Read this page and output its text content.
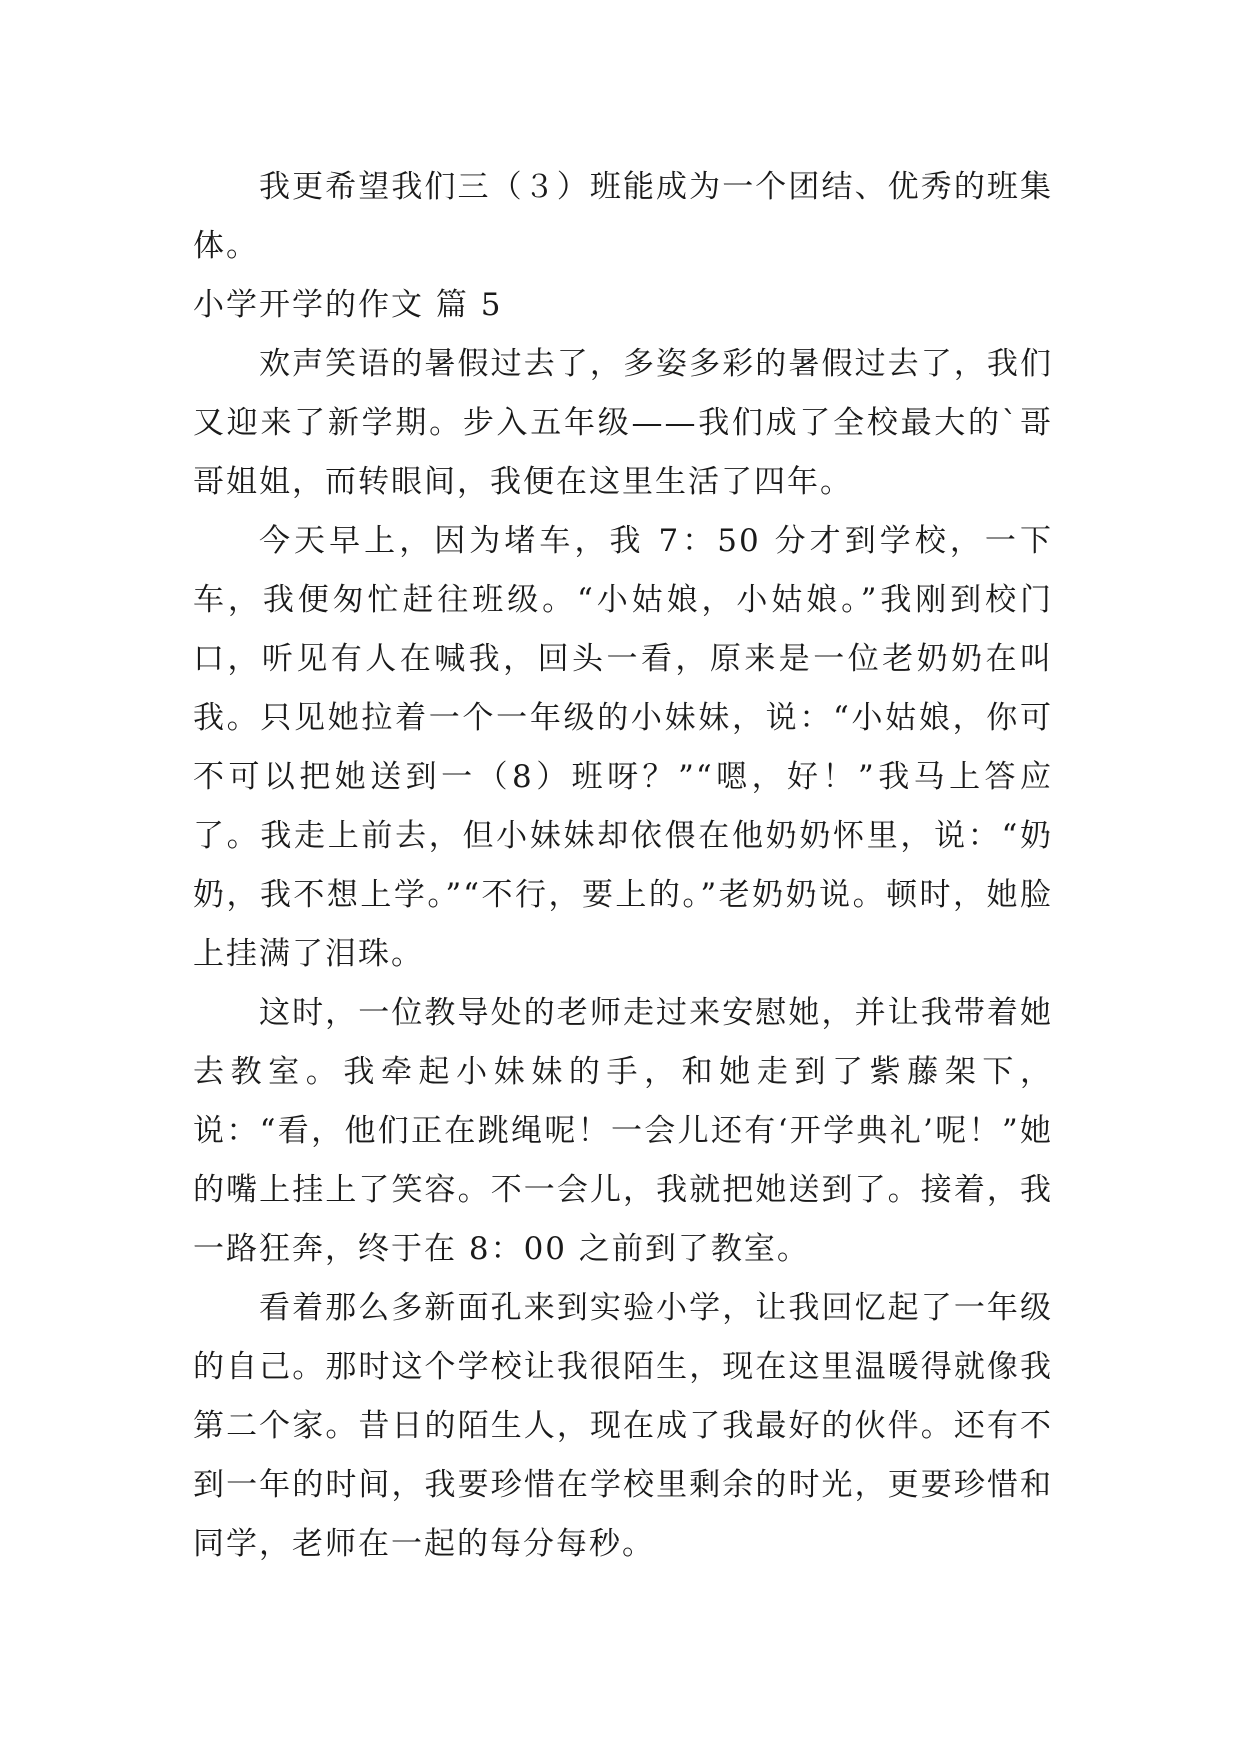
我更希望我们三（３）班能成为一个团结、优秀的班集体。

小学开学的作文 篇 5

欢声笑语的暑假过去了，多姿多彩的暑假过去了，我们又迎来了新学期。步入五年级——我们成了全校最大的`哥哥姐姐，而转眼间，我便在这里生活了四年。

今天早上，因为堵车，我 7：50 分才到学校，一下车，我便匆忙赶往班级。“小姑娘，小姑娘。”我刚到校门口，听见有人在喊我，回头一看，原来是一位老奶奶在叫我。只见她拉着一个一年级的小妹妹，说：“小姑娘，你可不可以把她送到一（8）班呀？”“嗯，好！”我马上答应了。我走上前去，但小妹妹却依偎在他奶奶怀里，说：“奶奶，我不想上学。”“不行，要上的。”老奶奶说。顿时，她脸上挂满了泪珠。

这时，一位教导处的老师走过来安慰她，并让我带着她去教室。我牵起小妹妹的手，和她走到了紫藤架下，说：“看，他们正在跳绳呢！一会儿还有‘开学典礼’呢！”她的嘴上挂上了笑容。不一会儿，我就把她送到了。接着，我一路狂奔，终于在 8：00 之前到了教室。

看着那么多新面孔来到实验小学，让我回忆起了一年级的自己。那时这个学校让我很陌生，现在这里温暖得就像我第二个家。昔日的陌生人，现在成了我最好的伙伴。还有不到一年的时间，我要珍惜在学校里剩余的时光，更要珍惜和同学，老师在一起的每分每秒。
